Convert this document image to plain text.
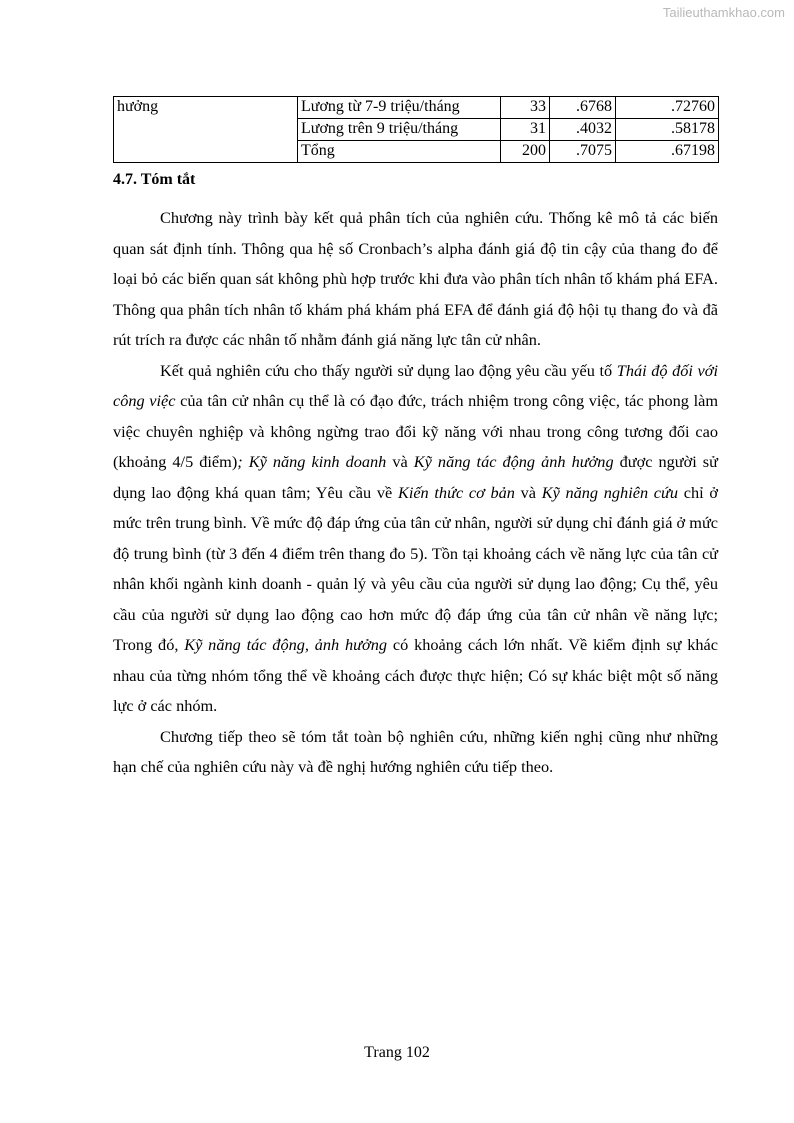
Tailieuthamkhao.com
hưởng	Lương từ 7-9 triệu/tháng	33	.6768	.72760
	Lương trên 9 triệu/tháng	31	.4032	.58178
	Tổng	200	.7075	.67198
4.7. Tóm tắt

Chương này trình bày kết quả phân tích của nghiên cứu. Thống kê mô tả các biến quan sát định tính. Thông qua hệ số Cronbach’s alpha đánh giá độ tin cậy của thang đo để loại bỏ các biến quan sát không phù hợp trước khi đưa vào phân tích nhân tố khám phá EFA. Thông qua phân tích nhân tố khám phá khám phá EFA để đánh giá độ hội tụ thang đo và đã rút trích ra được các nhân tố nhằm đánh giá năng lực tân cử nhân.

Kết quả nghiên cứu cho thấy người sử dụng lao động yêu cầu yếu tố Thái độ đối với công việc của tân cử nhân cụ thể là có đạo đức, trách nhiệm trong công việc, tác phong làm việc chuyên nghiệp và không ngừng trao đổi kỹ năng với nhau trong công tương đối cao (khoảng 4/5 điểm); Kỹ năng kinh doanh và Kỹ năng tác động ảnh hưởng được người sử dụng lao động khá quan tâm; Yêu cầu về Kiến thức cơ bản và Kỹ năng nghiên cứu chỉ ở mức trên trung bình. Về mức độ đáp ứng của tân cử nhân, người sử dụng chỉ đánh giá ở mức độ trung bình (từ 3 đến 4 điểm trên thang đo 5). Tồn tại khoảng cách về năng lực của tân cử nhân khối ngành kinh doanh - quản lý và yêu cầu của người sử dụng lao động; Cụ thể, yêu cầu của người sử dụng lao động cao hơn mức độ đáp ứng của tân cử nhân về năng lực; Trong đó, Kỹ năng tác động, ảnh hưởng có khoảng cách lớn nhất. Về kiểm định sự khác nhau của từng nhóm tổng thể về khoảng cách được thực hiện; Có sự khác biệt một số năng lực ở các nhóm.

Chương tiếp theo sẽ tóm tắt toàn bộ nghiên cứu, những kiến nghị cũng như những hạn chế của nghiên cứu này và đề nghị hướng nghiên cứu tiếp theo.

Trang 102
